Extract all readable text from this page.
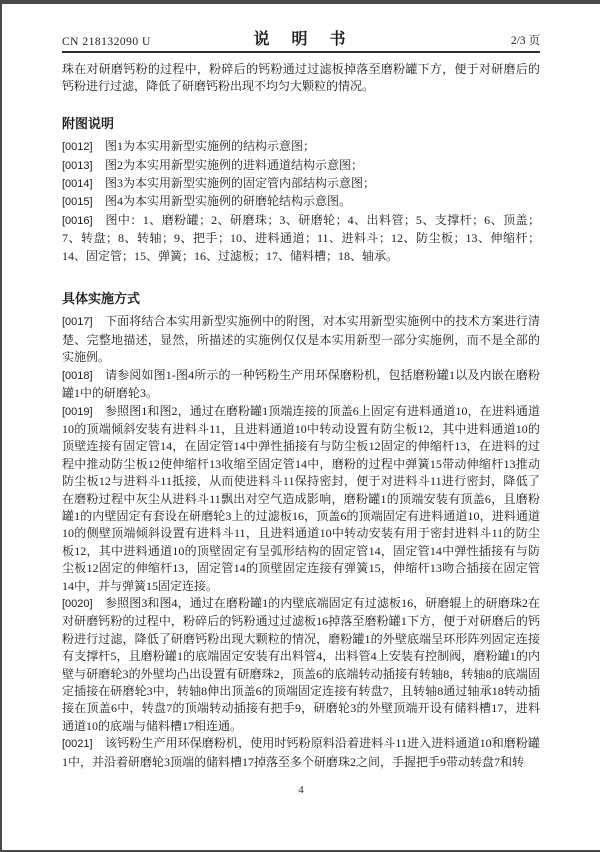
CN 218132090 U	说　明　书	2/3 页

珠在对研磨钙粉的过程中，粉碎后的钙粉通过过滤板掉落至磨粉罐下方，便于对研磨后的钙粉进行过滤，降低了研磨钙粉出现不均匀大颗粒的情况。

附图说明

[0012] 图1为本实用新型实施例的结构示意图；

[0013] 图2为本实用新型实施例的进料通道结构示意图；

[0014] 图3为本实用新型实施例的固定管内部结构示意图；

[0015] 图4为本实用新型实施例的研磨轮结构示意图。

[0016] 图中：1、磨粉罐；2、研磨珠；3、研磨轮；4、出料管；5、支撑杆；6、顶盖；7、转盘；8、转轴；9、把手；10、进料通道；11、进料斗；12、防尘板；13、伸缩杆；14、固定管；15、弹簧；16、过滤板；17、储料槽；18、轴承。

具体实施方式

[0017] 下面将结合本实用新型实施例中的附图，对本实用新型实施例中的技术方案进行清楚、完整地描述，显然，所描述的实施例仅仅是本实用新型一部分实施例，而不是全部的实施例。

[0018] 请参阅如图1-图4所示的一种钙粉生产用环保磨粉机，包括磨粉罐1以及内嵌在磨粉罐1中的研磨轮3。

[0019] 参照图1和图2，通过在磨粉罐1顶端连接的顶盖6上固定有进料通道10，在进料通道10的顶端倾斜安装有进料斗11，且进料通道10中转动设置有防尘板12，其中进料通道10的顶壁连接有固定管14，在固定管14中弹性插接有与防尘板12固定的伸缩杆13，在进料的过程中推动防尘板12使伸缩杆13收缩至固定管14中，磨粉的过程中弹簧15带动伸缩杆13推动防尘板12与进料斗11抵接，从而使进料斗11保持密封，便于对进料斗11进行密封，降低了在磨粉过程中灰尘从进料斗11飘出对空气造成影响，磨粉罐1的顶端安装有顶盖6，且磨粉罐1的内壁固定有套设在研磨轮3上的过滤板16，顶盖6的顶端固定有进料通道10，进料通道10的侧壁顶端倾斜设置有进料斗11，且进料通道10中转动安装有用于密封进料斗11的防尘板12，其中进料通道10的顶壁固定有呈弧形结构的固定管14，固定管14中弹性插接有与防尘板12固定的伸缩杆13，固定管14的顶壁固定连接有弹簧15，伸缩杆13吻合插接在固定管14中，并与弹簧15固定连接。

[0020] 参照图3和图4，通过在磨粉罐1的内壁底端固定有过滤板16，研磨辊上的研磨珠2在对研磨钙粉的过程中，粉碎后的钙粉通过过滤板16掉落至磨粉罐1下方，便于对研磨后的钙粉进行过滤，降低了研磨钙粉出现大颗粒的情况，磨粉罐1的外壁底端呈环形阵列固定连接有支撑杆5，且磨粉罐1的底端固定安装有出料管4，出料管4上安装有控制阀，磨粉罐1的内壁与研磨轮3的外壁均凸出设置有研磨珠2，顶盖6的底端转动插接有转轴8，转轴8的底端固定插接在研磨轮3中，转轴8伸出顶盖6的顶端固定连接有转盘7，且转轴8通过轴承18转动插接在顶盖6中，转盘7的顶端转动插接有把手9，研磨轮3的外壁顶端开设有储料槽17，进料通道10的底端与储料槽17相连通。

[0021] 该钙粉生产用环保磨粉机，使用时钙粉原料沿着进料斗11进入进料通道10和磨粉罐1中，并沿着研磨轮3顶端的储料槽17掉落至多个研磨珠2之间，手握把手9带动转盘7和转

4
